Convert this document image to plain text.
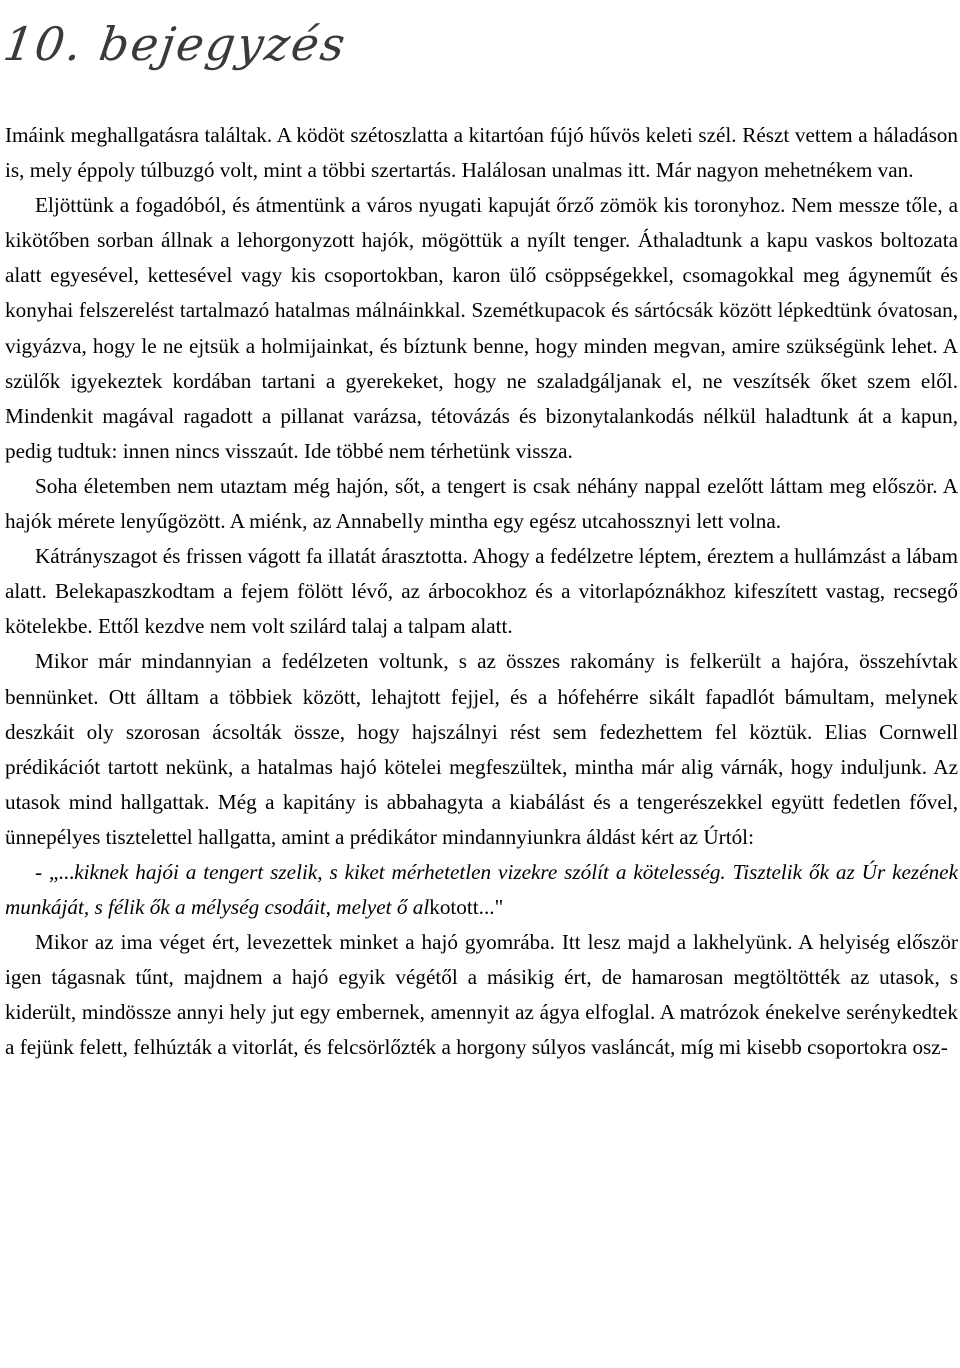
10. bejegyzés

Imáink meghallgatásra találtak. A ködöt szétoszlatta a kitartóan fújó hűvös keleti szél. Részt vettem a háladáson is, mely éppoly túlbuzgó volt, mint a többi szertartás. Halálosan unalmas itt. Már nagyon mehetnékem van.

Eljöttünk a fogadóból, és átmentünk a város nyugati kapuját őrző zömök kis toronyhoz. Nem messze tőle, a kikötőben sorban állnak a lehorgonyzott hajók, mögöttük a nyílt tenger. Áthaladtunk a kapu vaskos boltozata alatt egyesével, kettesével vagy kis csoportokban, karon ülő csöppségekkel, csomagokkal meg ágyneműt és konyhai felszerelést tartalmazó hatalmas málnáinkkal. Szemétkupacok és sártócsák között lépkedtünk óvatosan, vigyázva, hogy le ne ejtsük a holmijainkat, és bíztunk benne, hogy minden megvan, amire szükségünk lehet. A szülők igyekeztek kordában tartani a gyerekeket, hogy ne szaladgáljanak el, ne veszítsék őket szem elől. Mindenkit magával ragadott a pillanat varázsa, tétovázás és bizonytalankodás nélkül haladtunk át a kapun, pedig tudtuk: innen nincs visszaút. Ide többé nem térhetünk vissza.

Soha életemben nem utaztam még hajón, sőt, a tengert is csak néhány nappal ezelőtt láttam meg először. A hajók mérete lenyűgözött. A miénk, az Annabelly mintha egy egész utcahossznyi lett volna.

Kátrányszagot és frissen vágott fa illatát árasztotta. Ahogy a fedélzetre léptem, éreztem a hullámzást a lábam alatt. Belekapaszkodtam a fejem fölött lévő, az árbocokhoz és a vitorlapóznákhoz kifeszített vastag, recsegő kötelekbe. Ettől kezdve nem volt szilárd talaj a talpam alatt.

Mikor már mindannyian a fedélzeten voltunk, s az összes rakomány is felkerült a hajóra, összehívtak bennünket. Ott álltam a többiek között, lehajtott fejjel, és a hófehérre sikált fapadlót bámultam, melynek deszkáit oly szorosan ácsolták össze, hogy hajszálnyi rést sem fedezhettem fel köztük. Elias Cornwell prédikációt tartott nekünk, a hatalmas hajó kötelei megfeszültek, mintha már alig várnák, hogy induljunk. Az utasok mind hallgattak. Még a kapitány is abbahagyta a kiabálást és a tengerészekkel együtt fedetlen fővel, ünnepélyes tisztelettel hallgatta, amint a prédikátor mindannyiunkra áldást kért az Úrtól:

- „...kiknek hajói a tengert szelik, s kiket mérhetetlen vizekre szólít a kötelesség. Tisztelik ők az Úr kezének munkáját, s félik ők a mélység csodáit, melyet ő alkotott..."

Mikor az ima véget ért, levezettek minket a hajó gyomrába. Itt lesz majd a lakhelyünk. A helyiség először igen tágasnak tűnt, majdnem a hajó egyik végétől a másikig ért, de hamarosan megtöltötték az utasok, s kiderült, mindössze annyi hely jut egy embernek, amennyit az ágya elfoglal. A matrózok énekelve serénykedtek a fejünk felett, felhúzták a vitorlát, és felcsörlőzték a horgony súlyos vasláncát, míg mi kisebb csoportokra osz-
